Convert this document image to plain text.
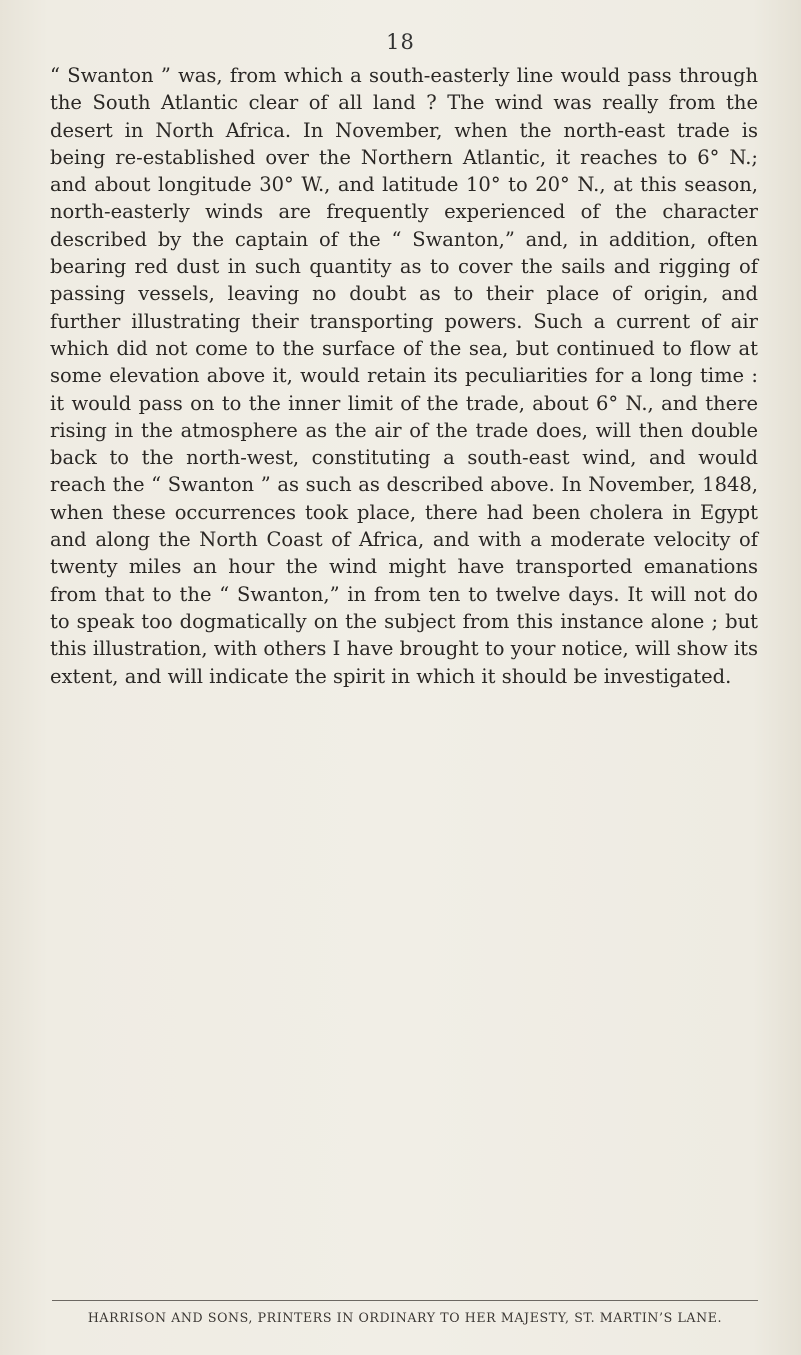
18

“ Swanton ” was, from which a south-easterly line would pass through the South Atlantic clear of all land ? The wind was really from the desert in North Africa. In November, when the north-east trade is being re-established over the Northern Atlantic, it reaches to 6° N.; and about longitude 30° W., and latitude 10° to 20° N., at this season, north-easterly winds are frequently experienced of the character described by the captain of the “ Swanton,” and, in addition, often bearing red dust in such quantity as to cover the sails and rigging of passing vessels, leaving no doubt as to their place of origin, and further illustrating their transporting powers. Such a current of air which did not come to the surface of the sea, but continued to flow at some elevation above it, would retain its peculiarities for a long time : it would pass on to the inner limit of the trade, about 6° N., and there rising in the atmosphere as the air of the trade does, will then double back to the north-west, constituting a south-east wind, and would reach the “ Swanton ” as such as described above. In November, 1848, when these occurrences took place, there had been cholera in Egypt and along the North Coast of Africa, and with a moderate velocity of twenty miles an hour the wind might have transported emanations from that to the “ Swanton,” in from ten to twelve days. It will not do to speak too dogmatically on the subject from this instance alone ; but this illustration, with others I have brought to your notice, will show its extent, and will indicate the spirit in which it should be investigated.

HARRISON AND SONS, PRINTERS IN ORDINARY TO HER MAJESTY, ST. MARTIN’S LANE.
